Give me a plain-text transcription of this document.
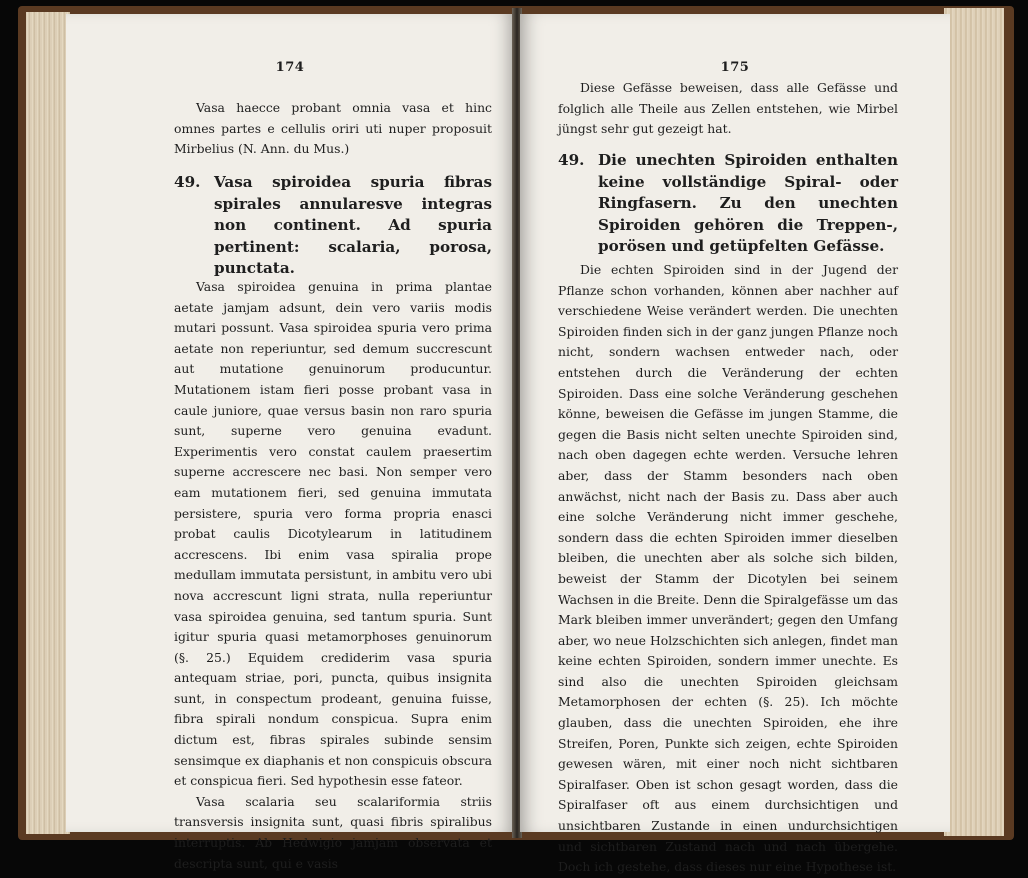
174

Vasa haecce probant omnia vasa et hinc omnes partes e cellulis oriri uti nuper proposuit Mirbelius (N. Ann. du Mus.)

49. Vasa spiroidea spuria fibras spirales annularesve integras non continent. Ad spuria pertinent: scalaria, porosa, punctata.

Vasa spiroidea genuina in prima plantae aetate jamjam adsunt, dein vero variis modis mutari possunt. Vasa spiroidea spuria vero prima aetate non reperiuntur, sed demum succrescunt aut mutatione genuinorum producuntur. Mutationem istam fieri posse probant vasa in caule juniore, quae versus basin non raro spuria sunt, superne vero genuina evadunt. Experimentis vero constat caulem praesertim superne accrescere nec basi. Non semper vero eam mutationem fieri, sed genuina immutata persistere, spuria vero forma propria enasci probat caulis Dicotylearum in latitudinem accrescens. Ibi enim vasa spiralia prope medullam immutata persistunt, in ambitu vero ubi nova accrescunt ligni strata, nulla reperiuntur vasa spiroidea genuina, sed tantum spuria. Sunt igitur spuria quasi metamorphoses genuinorum (§. 25.) Equidem crediderim vasa spuria antequam striae, pori, puncta, quibus insignita sunt, in conspectum prodeant, genuina fuisse, fibra spirali nondum conspicua. Supra enim dictum est, fibras spirales subinde sensim sensimque ex diaphanis et non conspicuis obscura et conspicua fieri. Sed hypothesin esse fateor.

Vasa scalaria seu scalariformia striis transversis insignita sunt, quasi fibris spiralibus interruptis. Ab Hedwigio jamjam observata et descripta sunt, qui e vasis

175

Diese Gefässe beweisen, dass alle Gefässe und folglich alle Theile aus Zellen entstehen, wie Mirbel jüngst sehr gut gezeigt hat.

49. Die unechten Spiroiden enthalten keine vollständige Spiral- oder Ringfasern. Zu den unechten Spiroiden gehören die Treppen-, porösen und getüpfelten Gefässe.

Die echten Spiroiden sind in der Jugend der Pflanze schon vorhanden, können aber nachher auf verschiedene Weise verändert werden. Die unechten Spiroiden finden sich in der ganz jungen Pflanze noch nicht, sondern wachsen entweder nach, oder entstehen durch die Veränderung der echten Spiroiden. Dass eine solche Veränderung geschehen könne, beweisen die Gefässe im jungen Stamme, die gegen die Basis nicht selten unechte Spiroiden sind, nach oben dagegen echte werden. Versuche lehren aber, dass der Stamm besonders nach oben anwächst, nicht nach der Basis zu. Dass aber auch eine solche Veränderung nicht immer geschehe, sondern dass die echten Spiroiden immer dieselben bleiben, die unechten aber als solche sich bilden, beweist der Stamm der Dicotylen bei seinem Wachsen in die Breite. Denn die Spiralgefässe um das Mark bleiben immer unverändert; gegen den Umfang aber, wo neue Holzschichten sich anlegen, findet man keine echten Spiroiden, sondern immer unechte. Es sind also die unechten Spiroiden gleichsam Metamorphosen der echten (§. 25). Ich möchte glauben, dass die unechten Spiroiden, ehe ihre Streifen, Poren, Punkte sich zeigen, echte Spiroiden gewesen wären, mit einer noch nicht sichtbaren Spiralfaser. Oben ist schon gesagt worden, dass die Spiralfaser oft aus einem durchsichtigen und unsichtbaren Zustande in einen undurchsichtigen und sichtbaren Zustand nach und nach übergehe. Doch ich gestehe, dass dieses nur eine Hypothese ist.
